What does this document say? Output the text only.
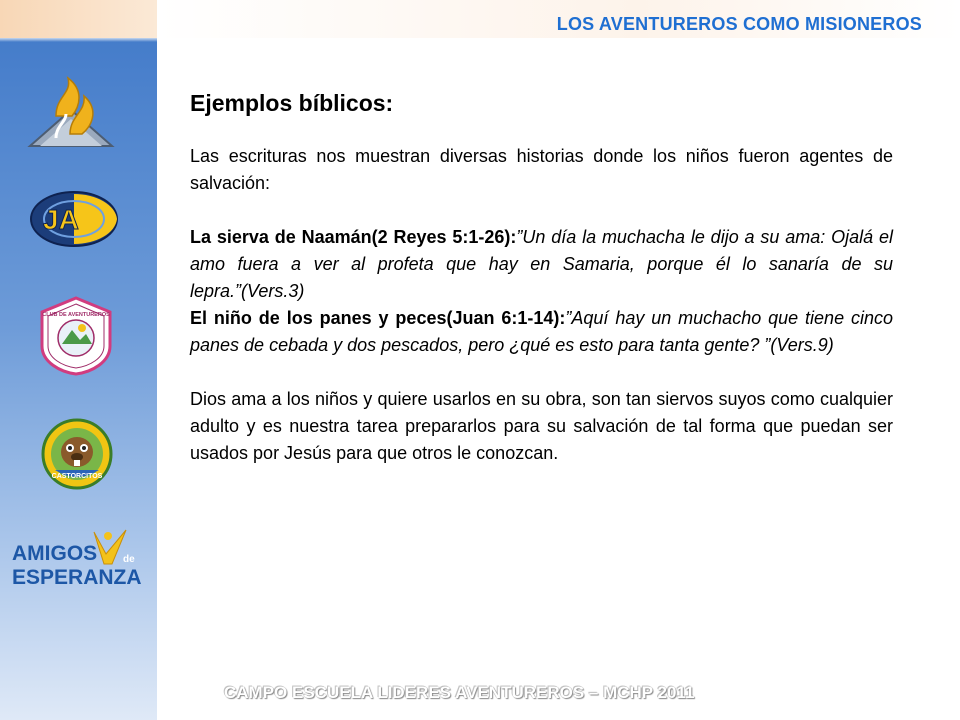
JA
CLUB DE AVENTUREROS
CASTORCITOS
AMIGOS	de
ESPERANZA
LOS AVENTUREROS COMO MISIONEROS
Ejemplos bíblicos:

Las escrituras nos muestran diversas historias donde los niños fueron agentes de salvación:

La sierva de Naamán(2 Reyes 5:1-26):”Un día la muchacha le dijo a su ama: Ojalá el amo fuera a ver al profeta que hay en Samaria, porque él lo sanaría de su lepra.”(Vers.3)

El niño de los panes y peces(Juan 6:1-14):”Aquí hay un muchacho que tiene cinco panes de cebada y dos pescados, pero ¿qué es esto para tanta gente? ”(Vers.9)

Dios ama a los niños y quiere usarlos en su obra, son tan siervos suyos como cualquier adulto y es nuestra tarea prepararlos para su salvación de tal forma que puedan ser usados por Jesús para que otros le conozcan.

CAMPO ESCUELA LIDERES AVENTUREROS – MCHP 2011
